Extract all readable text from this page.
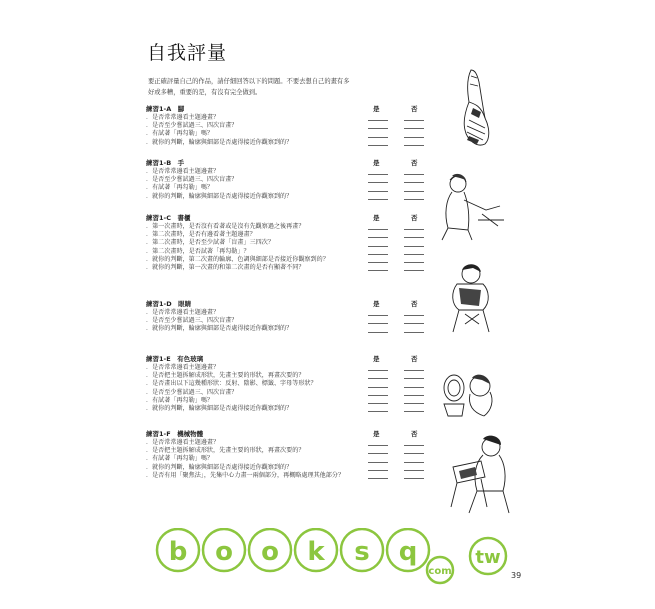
自我評量
要正確評量自己的作品，請仔細回答以下的問題。不要去想自己的畫有多好或多糟，重要的是，有沒有完全做到。
練習1-A　腳	是	否
．是否常常邊看主題邊畫？
．是否至少嘗試過三、四次盲畫？
．有試著「再勾勒」嗎？
．就你的判斷，輪廓與細部是否處得接近你觀察到的？
練習1-B　手	是	否
．是否常常邊看主題邊畫？
．是否至少嘗試過三、四次盲畫？
．有試著「再勾勒」嗎？
．就你的判斷，輪廓與細部是否處得接近你觀察到的？
練習1-C　書櫃	是	否
．第一次畫時，是否沒有看著或是沒有先觀察過之後再畫？
．第二次畫時，是否有邊看著主題邊畫？
．第二次畫時，是否至少試著「盲畫」三四次？
．第二次畫時，是否試著「再勾勒」？
．就你的判斷，第二次畫的輪廓、色調與細部是否接近你觀察到的？
．就你的判斷，第一次畫的和第二次畫的是否有顯著不同？
練習1-D　眼睛	是	否
．是否常常邊看主題邊畫？
．是否至少嘗試過三、四次盲畫？
．就你的判斷，輪廓與細部是否處得接近你觀察到的？
練習1-E　有色玻璃	是	否
．是否常常邊看主題邊畫？
．是否把主題拆解成形狀，先畫主要的形狀，再畫次要的？
．是否畫出以下這幾種形狀：反射、陰影、標籤、字母等形狀？
．是否至少嘗試過三、四次盲畫？
．有試著「再勾勒」嗎？
．就你的判斷，輪廓與細部是否處得接近你觀察到的？
練習1-F　機械物體	是	否
．是否常常邊看主題邊畫？
．是否把主題拆解成形狀，先畫主要的形狀，再畫次要的？
．有試著「再勾勒」嗎？
．就你的判斷，輪廓與細部是否處得接近你觀察到的？
．是否有用「聚焦法」，先集中心力畫一兩個部分，再概略處理其他部分？
b o o k s q
com
tw
39
